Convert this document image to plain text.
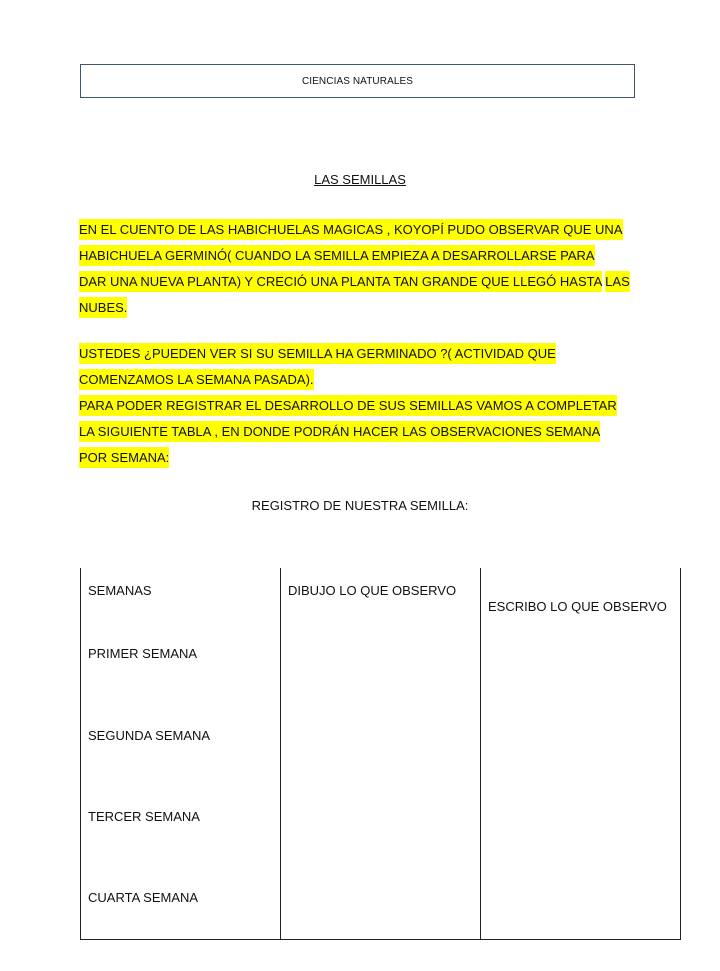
CIENCIAS NATURALES
LAS SEMILLAS
EN EL CUENTO DE LAS HABICHUELAS MAGICAS , KOYOPÍ PUDO OBSERVAR QUE UNA
HABICHUELA GERMINÓ( CUANDO LA SEMILLA EMPIEZA A DESARROLLARSE PARA
DAR UNA NUEVA PLANTA) Y CRECIÓ UNA PLANTA TAN GRANDE QUE LLEGÓ HASTA LAS
NUBES.
USTEDES ¿PUEDEN VER SI SU SEMILLA HA GERMINADO ?( ACTIVIDAD QUE
COMENZAMOS LA SEMANA PASADA).
PARA PODER REGISTRAR EL DESARROLLO DE SUS SEMILLAS VAMOS A COMPLETAR
LA SIGUIENTE TABLA , EN DONDE PODRÁN HACER LAS OBSERVACIONES SEMANA
POR SEMANA:
REGISTRO DE NUESTRA SEMILLA:
SEMANAS	DIBUJO LO QUE OBSERVO
ESCRIBO LO QUE OBSERVO
PRIMER SEMANA
SEGUNDA SEMANA
TERCER SEMANA
CUARTA SEMANA
